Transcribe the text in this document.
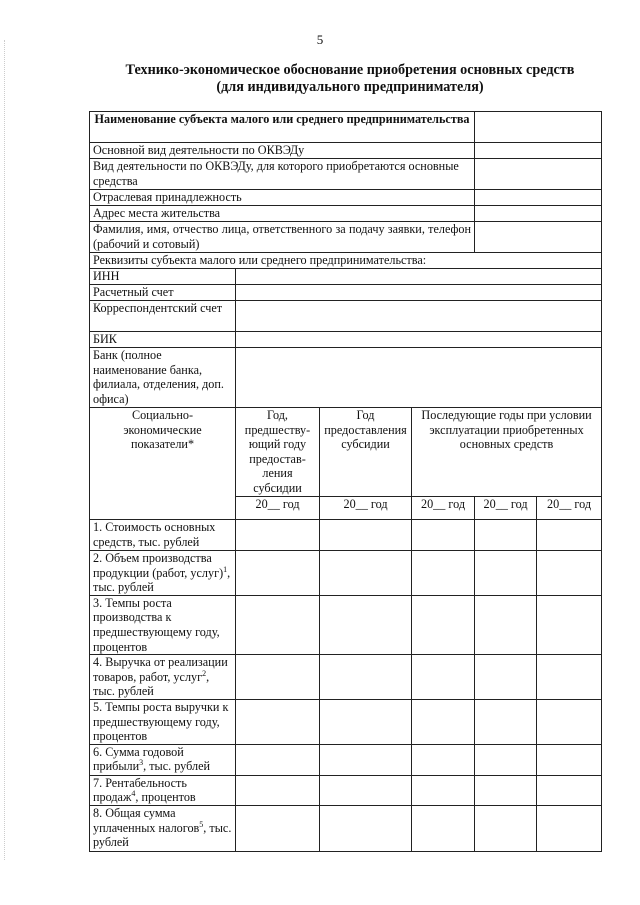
5
Технико-экономическое обоснование приобретения основных средств
(для индивидуального предпринимателя)
Наименование субъекта малого или среднего предпринимательства					
Основной вид деятельности по ОКВЭДу					
Вид деятельности по ОКВЭДу, для которого приобретаются основные средства					
Отраслевая принадлежность					
Адрес места жительства					
Фамилия, имя, отчество лица, ответственного за подачу заявки, телефон (рабочий и сотовый)					
Реквизиты субъекта малого или среднего предпринимательства:					
ИНН					
Расчетный счет					
Корреспондентский счет					
БИК					
Банк (полное наименование банка, филиала, отделения, доп. офиса)					
Социально-экономические показатели*	Год, предшеству-ющий году предостав-ления субсидии	Год предоставления субсидии	Последующие годы при условии эксплуатации приобретенных основных средств		
	20__ год	20__ год	20__ год	20__ год	20__ год
1. Стоимость основных средств, тыс. рублей					
2. Объем производства продукции (работ, услуг)$^1$, тыс. рублей					
3. Темпы роста производства к предшествующему году, процентов					
4. Выручка от реализации товаров, работ, услуг$^2$, тыс. рублей					
5. Темпы роста выручки к предшествующему году, процентов					
6. Сумма годовой прибыли$^3$, тыс. рублей					
7. Рентабельность продаж$^4$, процентов					
8. Общая сумма уплаченных налогов$^5$, тыс. рублей					
